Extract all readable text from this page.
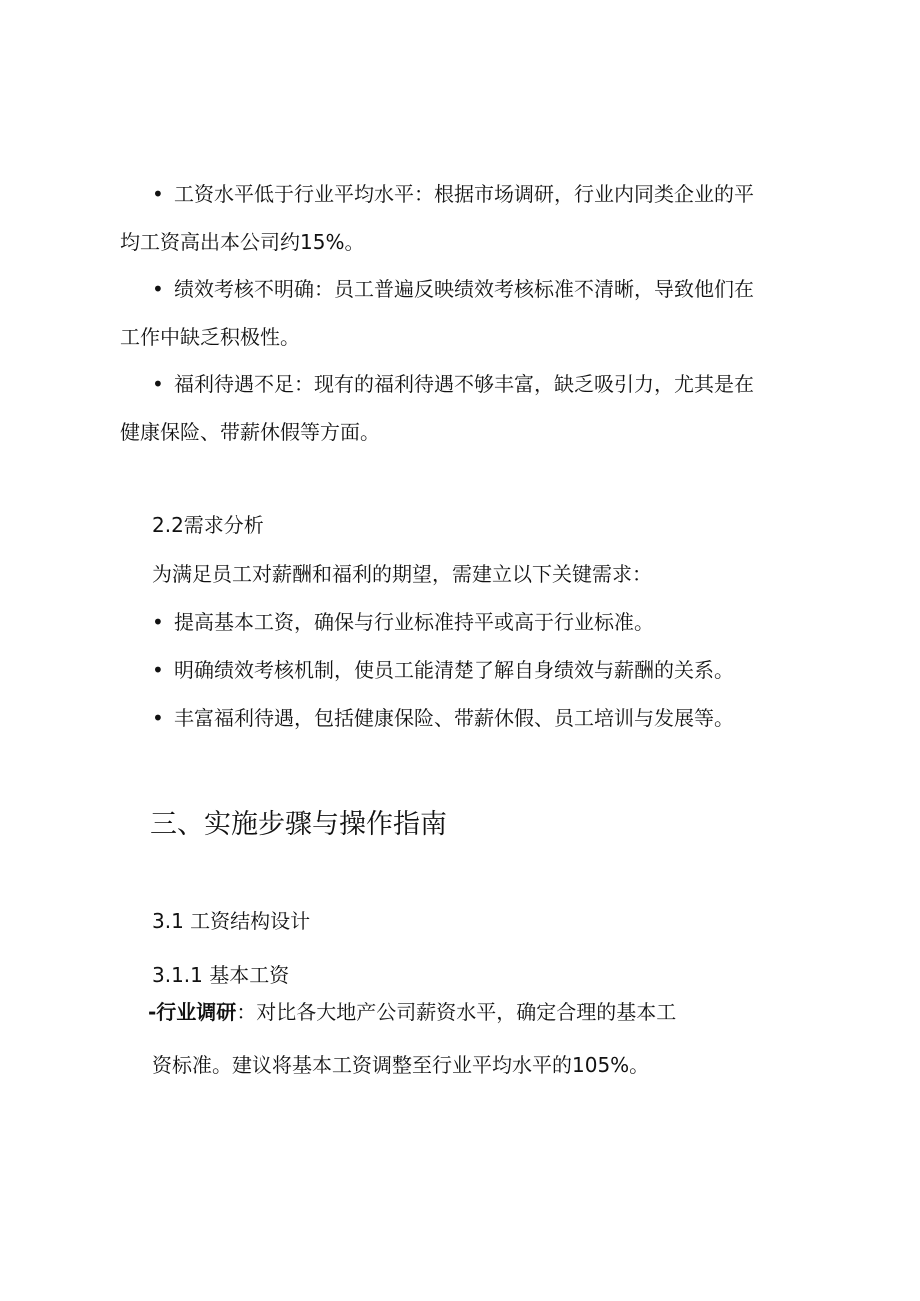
• 工资水平低于行业平均水平：根据市场调研，行业内同类企业的平
均工资高出本公司约15%。
• 绩效考核不明确：员工普遍反映绩效考核标准不清晰，导致他们在
工作中缺乏积极性。
• 福利待遇不足：现有的福利待遇不够丰富，缺乏吸引力，尤其是在
健康保险、带薪休假等方面。
2.2需求分析
为满足员工对薪酬和福利的期望，需建立以下关键需求：
• 提高基本工资，确保与行业标准持平或高于行业标准。
• 明确绩效考核机制，使员工能清楚了解自身绩效与薪酬的关系。
• 丰富福利待遇，包括健康保险、带薪休假、员工培训与发展等。
三、实施步骤与操作指南
3.1 工资结构设计
3.1.1 基本工资
-行业调研：对比各大地产公司薪资水平，确定合理的基本工
资标准。建议将基本工资调整至行业平均水平的105%。
